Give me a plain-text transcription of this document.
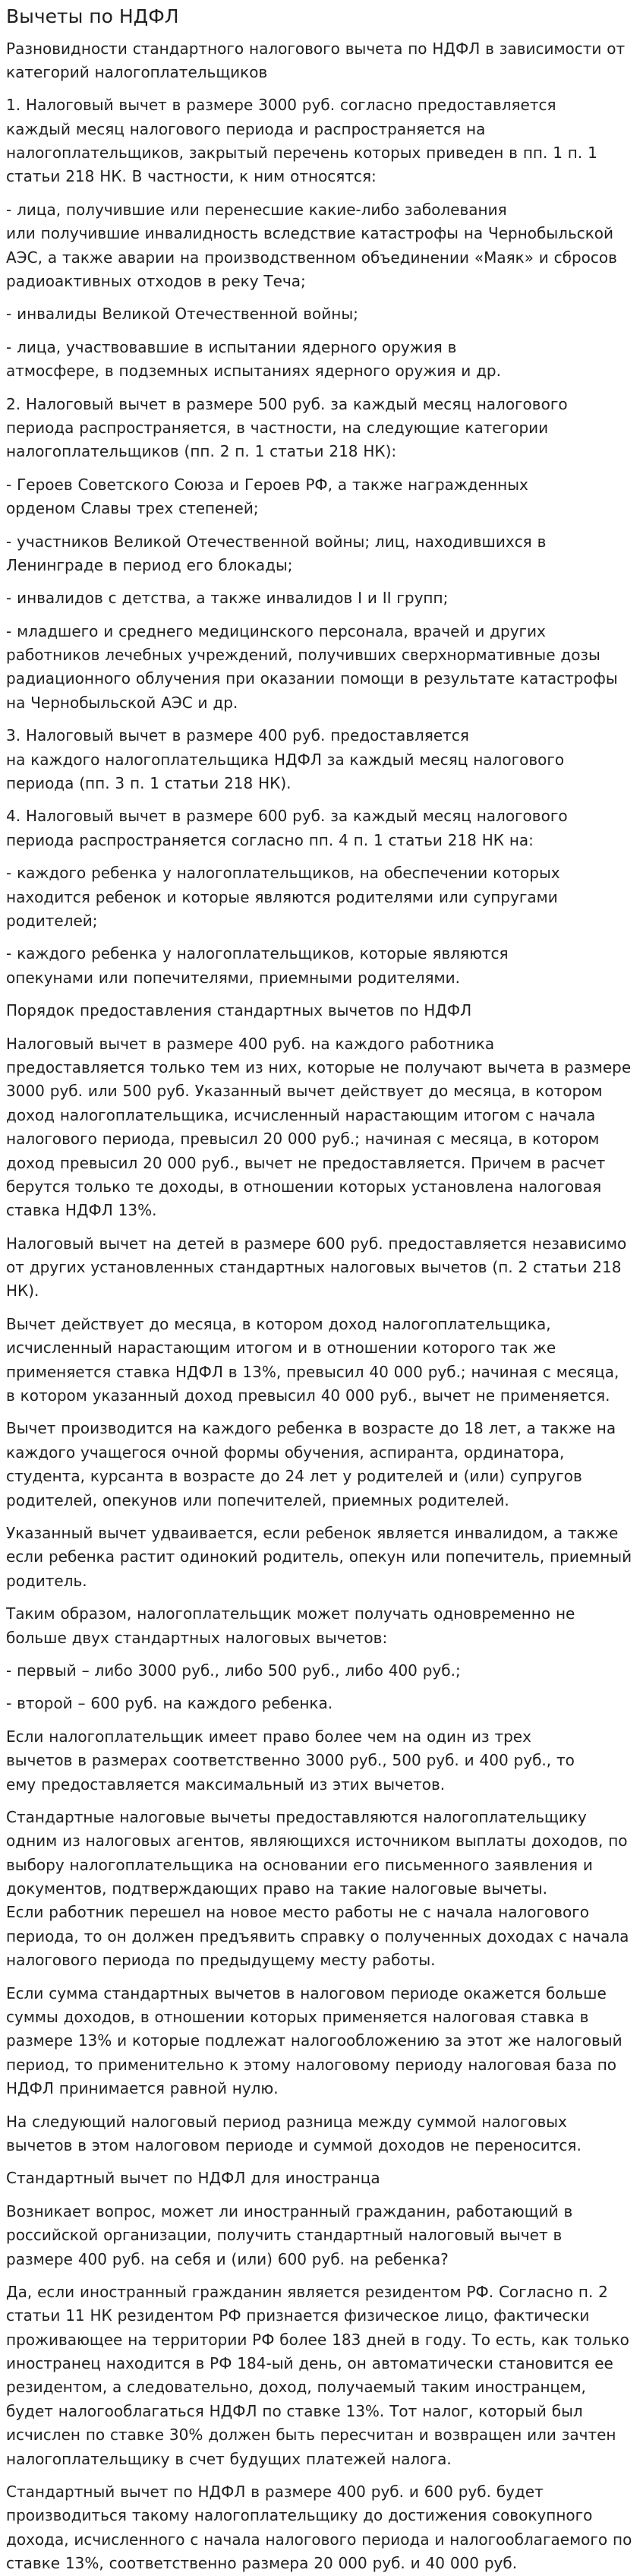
Вычеты по НДФЛ

Разновидности стандартного налогового вычета по НДФЛ в зависимости от категорий налогоплательщиков

1. Налоговый вычет в размере 3000 руб. согласно предоставляется
каждый месяц налогового периода и распространяется на налогоплательщиков, закрытый перечень которых приведен в пп. 1 п. 1 статьи 218 НК. В частности, к ним относятся:

- лица, получившие или перенесшие какие-либо заболевания
или получившие инвалидность вследствие катастрофы на Чернобыльской АЭС, а также аварии на производственном объединении «Маяк» и сбросов радиоактивных отходов в реку Теча;

- инвалиды Великой Отечественной войны;

- лица, участвовавшие в испытании ядерного оружия в
атмосфере, в подземных испытаниях ядерного оружия и др.

2. Налоговый вычет в размере 500 руб. за каждый месяц налогового периода распространяется, в частности, на следующие категории налогоплательщиков (пп. 2 п. 1 статьи 218 НК):

- Героев Советского Союза и Героев РФ, а также награжденных
орденом Славы трех степеней;

- участников Великой Отечественной войны; лиц, находившихся в
Ленинграде в период его блокады;

- инвалидов с детства, а также инвалидов I и II групп;

- младшего и среднего медицинского персонала, врачей и других работников лечебных учреждений, получивших сверхнормативные дозы радиационного облучения при оказании помощи в результате катастрофы на Чернобыльской АЭС и др.

3. Налоговый вычет в размере 400 руб. предоставляется
на каждого налогоплательщика НДФЛ за каждый месяц налогового
периода (пп. 3 п. 1 статьи 218 НК).

4. Налоговый вычет в размере 600 руб. за каждый месяц налогового периода распространяется согласно пп. 4 п. 1 статьи 218 НК на:

- каждого ребенка у налогоплательщиков, на обеспечении которых находится ребенок и которые являются родителями или супругами родителей;

- каждого ребенка у налогоплательщиков, которые являются
опекунами или попечителями, приемными родителями.

Порядок предоставления стандартных вычетов по НДФЛ

Налоговый вычет в размере 400 руб. на каждого работника предоставляется только тем из них, которые не получают вычета в размере 3000 руб. или 500 руб. Указанный вычет действует до месяца, в котором доход налогоплательщика, исчисленный нарастающим итогом с начала налогового периода, превысил 20 000 руб.; начиная с месяца, в котором доход превысил 20 000 руб., вычет не предоставляется. Причем в расчет берутся только те доходы, в отношении которых установлена налоговая ставка НДФЛ 13%.

Налоговый вычет на детей в размере 600 руб. предоставляется независимо от других установленных стандартных налоговых вычетов (п. 2 статьи 218 НК).

Вычет действует до месяца, в котором доход налогоплательщика,
исчисленный нарастающим итогом и в отношении которого так же
применяется ставка НДФЛ в 13%, превысил 40 000 руб.; начиная с месяца,
в котором указанный доход превысил 40 000 руб., вычет не применяется.

Вычет производится на каждого ребенка в возрасте до 18 лет, а также на каждого учащегося очной формы обучения, аспиранта, ординатора, студента, курсанта в возрасте до 24 лет у родителей и (или) супругов родителей, опекунов или попечителей, приемных родителей.

Указанный вычет удваивается, если ребенок является инвалидом, а также если ребенка растит одинокий родитель, опекун или попечитель, приемный родитель.

Таким образом, налогоплательщик может получать одновременно не больше двух стандартных налоговых вычетов:

- первый – либо 3000 руб., либо 500 руб., либо 400 руб.;

- второй – 600 руб. на каждого ребенка.

Если налогоплательщик имеет право более чем на один из трех
вычетов в размерах соответственно 3000 руб., 500 руб. и 400 руб., то
ему предоставляется максимальный из этих вычетов.

Стандартные налоговые вычеты предоставляются налогоплательщику одним из налоговых агентов, являющихся источником выплаты доходов, по выбору налогоплательщика на основании его письменного заявления и документов, подтверждающих право на такие налоговые вычеты.
Если работник перешел на новое место работы не с начала налогового периода, то он должен предъявить справку о полученных доходах с начала налогового периода по предыдущему месту работы.

Если сумма стандартных вычетов в налоговом периоде окажется больше суммы доходов, в отношении которых применяется налоговая ставка в размере 13% и которые подлежат налогообложению за этот же налоговый период, то применительно к этому налоговому периоду налоговая база по НДФЛ принимается равной нулю.

На следующий налоговый период разница между суммой налоговых
вычетов в этом налоговом периоде и суммой доходов не переносится.

Стандартный вычет по НДФЛ для иностранца

Возникает вопрос, может ли иностранный гражданин, работающий в российской организации, получить стандартный налоговый вычет в размере 400 руб. на себя и (или) 600 руб. на ребенка?

Да, если иностранный гражданин является резидентом РФ. Согласно п. 2 статьи 11 НК резидентом РФ признается физическое лицо, фактически
проживающее на территории РФ более 183 дней в году. То есть, как только иностранец находится в РФ 184-ый день, он автоматически становится ее резидентом, а следовательно, доход, получаемый таким иностранцем, будет налогооблагаться НДФЛ по ставке 13%. Тот налог, который был исчислен по ставке 30% должен быть пересчитан и возвращен или зачтен налогоплательщику в счет будущих платежей налога.

Стандартный вычет по НДФЛ в размере 400 руб. и 600 руб. будет производиться такому налогоплательщику до достижения совокупного дохода, исчисленного с начала налогового периода и налогооблагаемого по ставке 13%, соответственно размера 20 000 руб. и 40 000 руб.
